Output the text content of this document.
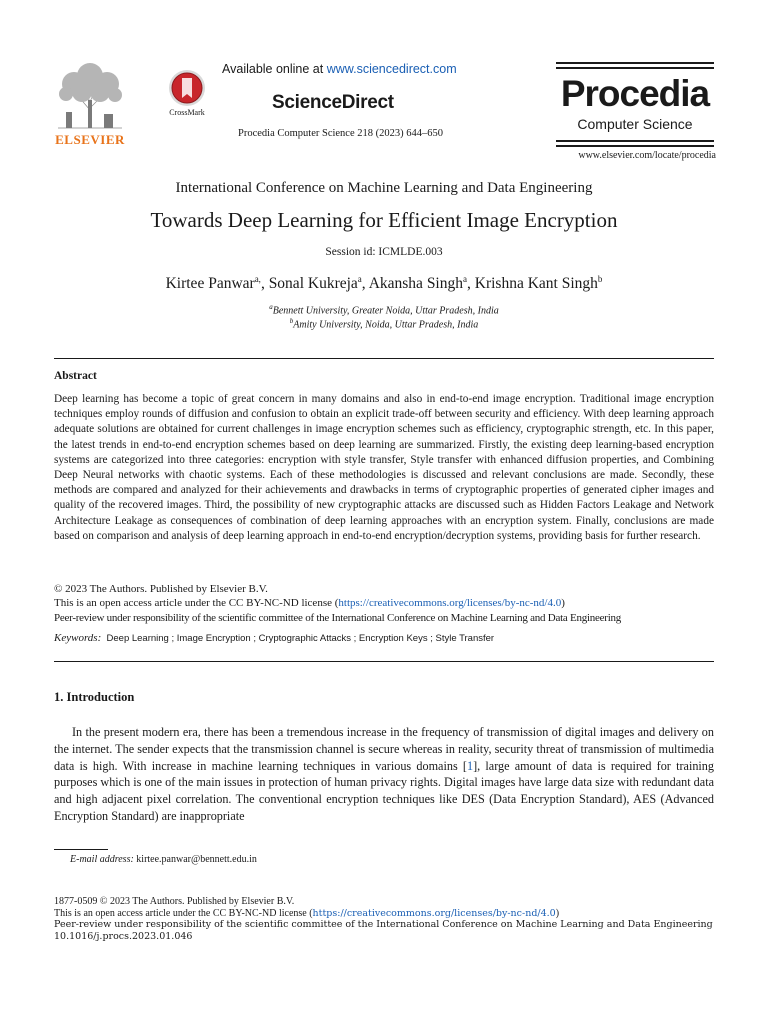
ELSEVIER
CrossMark
Available online at www.sciencedirect.com
ScienceDirect
Procedia Computer Science 218 (2023) 644–650
Procedia
Computer Science
www.elsevier.com/locate/procedia
International Conference on Machine Learning and Data Engineering
Towards Deep Learning for Efficient Image Encryption
Session id: ICMLDE.003
Kirtee Panwar$^{a,}$, Sonal Kukreja$^a$, Akansha Singh$^a$, Krishna Kant Singh$^b$
$^a$Bennett University, Greater Noida, Uttar Pradesh, India
$^b$Amity University, Noida, Uttar Pradesh, India
Abstract

Deep learning has become a topic of great concern in many domains and also in end-to-end image encryption. Traditional image encryption techniques employ rounds of diffusion and confusion to obtain an explicit trade-off between security and efficiency. With deep learning approach adequate solutions are obtained for current challenges in image encryption schemes such as efficiency, cryptographic strength, etc. In this paper, the latest trends in end-to-end encryption schemes based on deep learning are summarized. Firstly, the existing deep learning-based encryption systems are categorized into three categories: encryption with style transfer, Style transfer with enhanced diffusion properties, and Combining Deep Neural networks with chaotic systems. Each of these methodologies is discussed and relevant conclusions are made. Secondly, these methods are compared and analyzed for their achievements and drawbacks in terms of cryptographic properties of generated cipher images and quality of the recovered images. Third, the possibility of new cryptographic attacks are discussed such as Hidden Factors Leakage and Network Architecture Leakage as consequences of combination of deep learning approaches with an encryption system. Finally, conclusions are made based on comparison and analysis of deep learning approach in end-to-end encryption/decryption systems, providing basis for further research.

© 2023 The Authors. Published by Elsevier B.V.
This is an open access article under the CC BY-NC-ND license (https://creativecommons.org/licenses/by-nc-nd/4.0)
Peer-review under responsibility of the scientific committee of the International Conference on Machine Learning and Data Engineering
Keywords: Deep Learning ; Image Encryption ; Cryptographic Attacks ; Encryption Keys ; Style Transfer
1. Introduction

In the present modern era, there has been a tremendous increase in the frequency of transmission of digital images and delivery on the internet. The sender expects that the transmission channel is secure whereas in reality, security threat of transmission of multimedia data is high. With increase in machine learning techniques in various domains [1], large amount of data is required for training purposes which is one of the main issues in protection of human privacy rights. Digital images have large data size with redundant data and high adjacent pixel correlation. The conventional encryption techniques like DES (Data Encryption Standard), AES (Advanced Encryption Standard) are inappropriate

E-mail address: kirtee.panwar@bennett.edu.in
1877-0509 © 2023 The Authors. Published by Elsevier B.V.
This is an open access article under the CC BY-NC-ND license (https://creativecommons.org/licenses/by-nc-nd/4.0)
Peer-review under responsibility of the scientific committee of the International Conference on Machine Learning and Data Engineering
10.1016/j.procs.2023.01.046
